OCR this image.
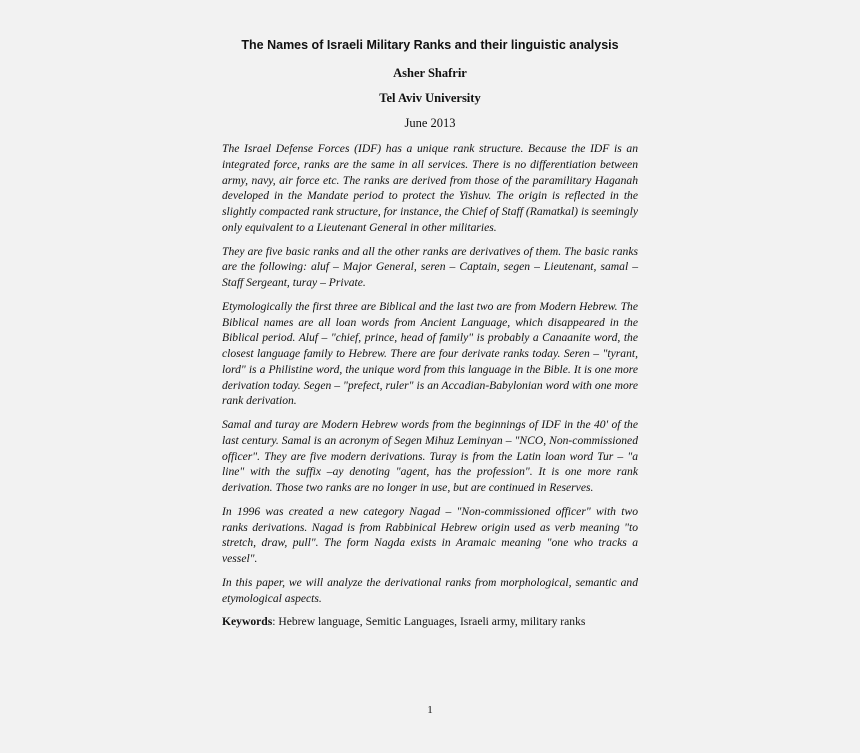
The Names of Israeli Military Ranks and their linguistic analysis

Asher Shafrir

Tel Aviv University

June 2013

The Israel Defense Forces (IDF) has a unique rank structure. Because the IDF is an integrated force, ranks are the same in all services. There is no differentiation between army, navy, air force etc. The ranks are derived from those of the paramilitary Haganah developed in the Mandate period to protect the Yishuv. The origin is reflected in the slightly compacted rank structure, for instance, the Chief of Staff (Ramatkal) is seemingly only equivalent to a Lieutenant General in other militaries.

They are five basic ranks and all the other ranks are derivatives of them. The basic ranks are the following: aluf – Major General, seren – Captain, segen – Lieutenant, samal – Staff Sergeant, turay – Private.

Etymologically the first three are Biblical and the last two are from Modern Hebrew. The Biblical names are all loan words from Ancient Language, which disappeared in the Biblical period. Aluf – "chief, prince, head of family" is probably a Canaanite word, the closest language family to Hebrew. There are four derivate ranks today. Seren – "tyrant, lord" is a Philistine word, the unique word from this language in the Bible. It is one more derivation today. Segen – "prefect, ruler" is an Accadian-Babylonian word with one more rank derivation.

Samal and turay are Modern Hebrew words from the beginnings of IDF in the 40' of the last century. Samal is an acronym of Segen Mihuz Leminyan – "NCO, Non-commissioned officer". They are five modern derivations. Turay is from the Latin loan word Tur – "a line" with the suffix –ay denoting "agent, has the profession". It is one more rank derivation. Those two ranks are no longer in use, but are continued in Reserves.

In 1996 was created a new category Nagad – "Non-commissioned officer" with two ranks derivations. Nagad is from Rabbinical Hebrew origin used as verb meaning "to stretch, draw, pull". The form Nagda exists in Aramaic meaning "one who tracks a vessel".

In this paper, we will analyze the derivational ranks from morphological, semantic and etymological aspects.

Keywords: Hebrew language, Semitic Languages, Israeli army, military ranks

1
